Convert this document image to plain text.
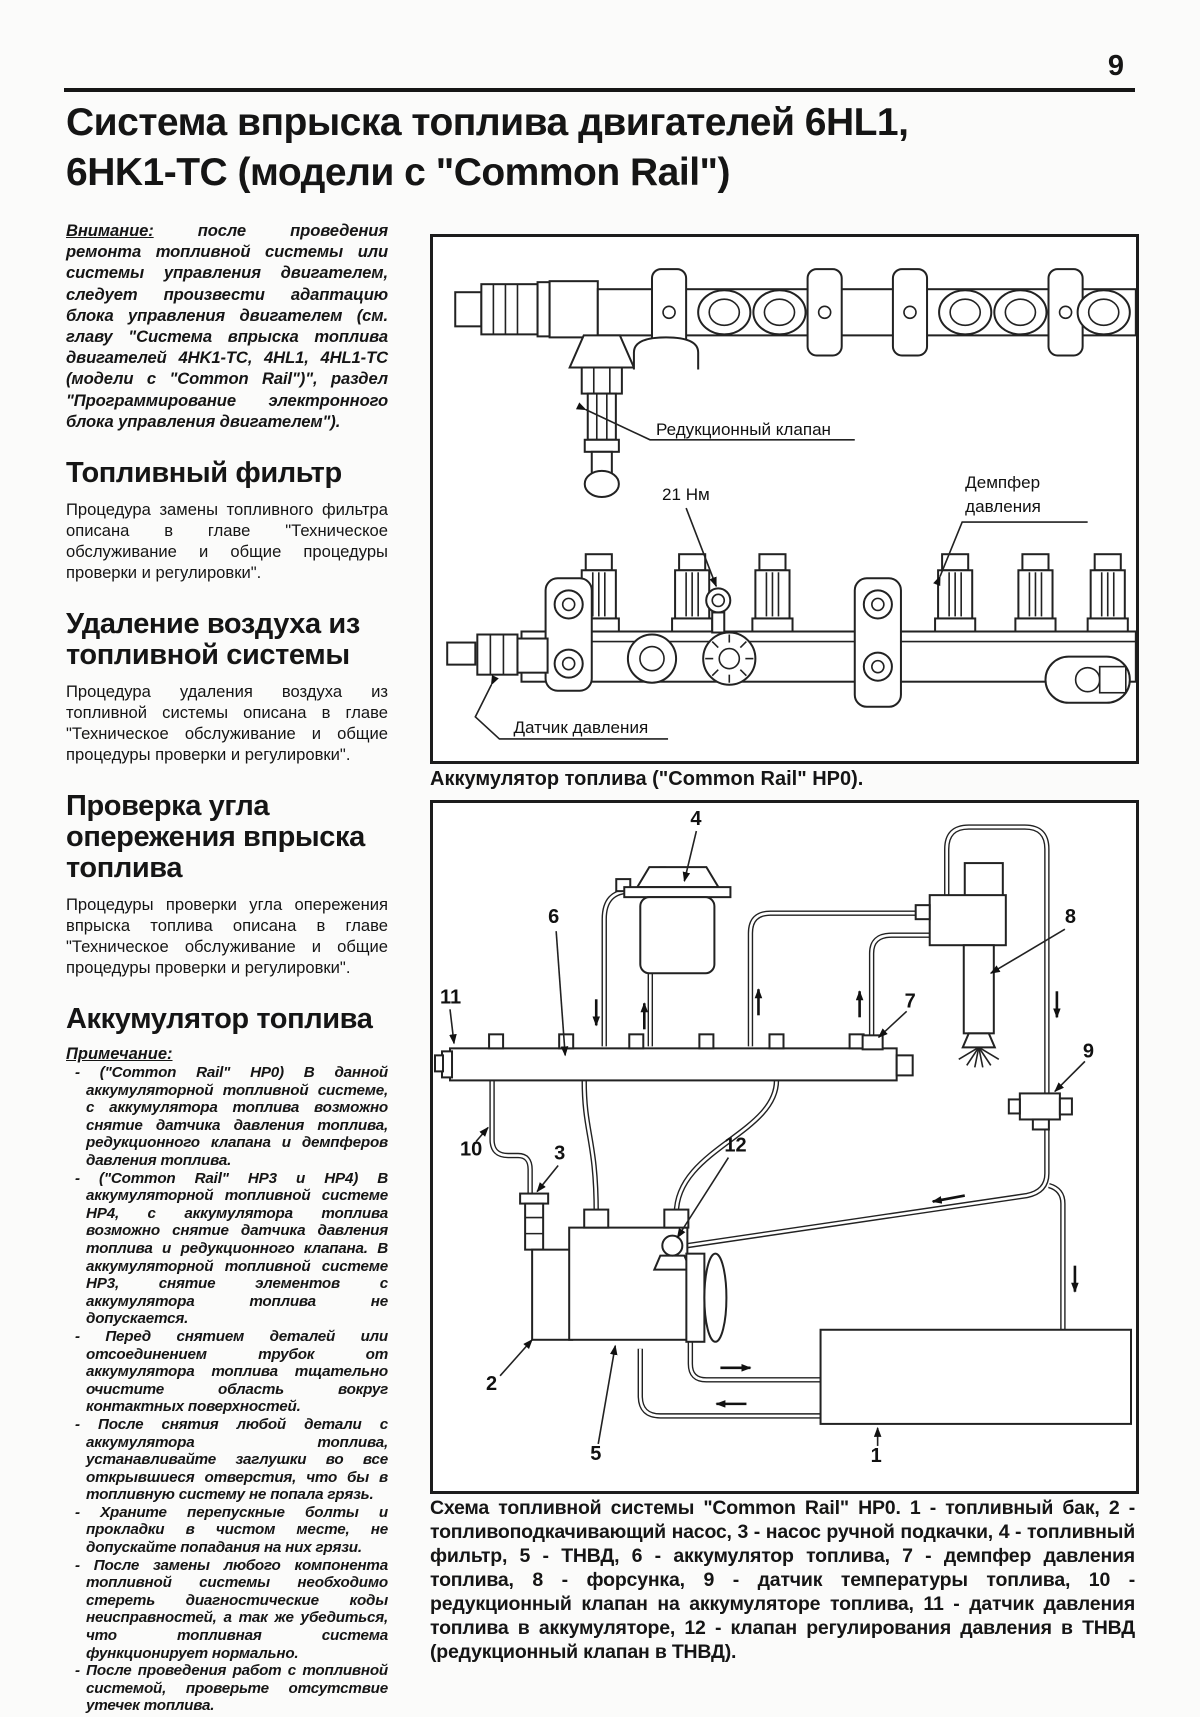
9
Система впрыска топлива двигателей 6HL1,
6HK1-TC (модели с "Common Rail")
Внимание: после проведения ремонта топливной системы или системы управления двигателем, следует произвести адаптацию блока управления двигателем (см. главу "Система впрыска топлива двигателей 4HK1-TC, 4HL1, 4HL1-TC (модели с "Common Rail")", раздел "Программирование электронного блока управления двигателем").
Топливный фильтр

Процедура замены топливного фильтра описана в главе "Техническое обслуживание и общие процедуры проверки и регулировки".

Удаление воздуха из топливной системы

Процедура удаления воздуха из топливной системы описана в главе "Техническое обслуживание и общие процедуры проверки и регулировки".

Проверка угла опережения впрыска топлива

Процедуры проверки угла опережения впрыска топлива описана в главе "Техническое обслуживание и общие процедуры проверки и регулировки".

Аккумулятор топлива
Примечание:
- ("Common Rail" HP0) В данной аккумуляторной топливной системе, с аккумулятора топлива возможно снятие датчика давления топлива, редукционного клапана и демпферов давления топлива.
- ("Common Rail" HP3 и HP4) В аккумуляторной топливной системе HP4, с аккумулятора топлива возможно снятие датчика давления топлива и редукционного клапана. В аккумуляторной топливной системе HP3, снятие элементов с аккумулятора топлива не допускается.
- Перед снятием деталей или отсоединением трубок от аккумулятора топлива тщательно очистите область вокруг контактных поверхностей.
- После снятия любой детали с аккумулятора топлива, устанавливайте заглушки во все открывшиеся отверстия, что бы в топливную систему не попала грязь.
- Храните перепускные болты и прокладки в чистом месте, не допускайте попадания на них грязи.
- После замены любого компонента топливной системы необходимо стереть диагностические коды неисправностей, а так же убедиться, что топливная система функционирует нормально.
- После проведения работ с топливной системой, проверьте отсутствие утечек топлива.
Редукционный клапан
21 Нм
Демпфер
давления
Датчик давления
Аккумулятор топлива ("Common Rail" HP0).
1
2
3
4
5
6
7
8
9
10
11
12
Схема топливной системы "Common Rail" HP0. 1 - топливный бак, 2 - топливоподкачивающий насос, 3 - насос ручной подкачки, 4 - топливный фильтр, 5 - ТНВД, 6 - аккумулятор топлива, 7 - демпфер давления топлива, 8 - форсунка, 9 - датчик температуры топлива, 10 - редукционный клапан на аккумуляторе топлива, 11 - датчик давления топлива в аккумуляторе, 12 - клапан регулирования давления в ТНВД (редукционный клапан в ТНВД).
